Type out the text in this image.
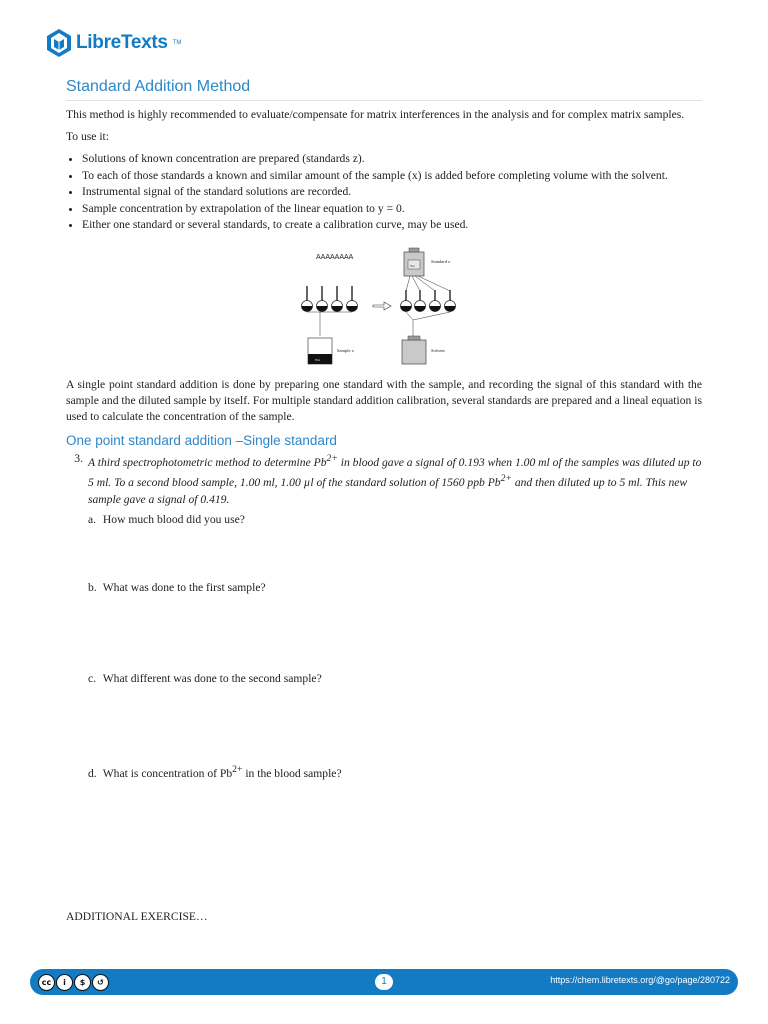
LibreTexts TM
Standard Addition Method

This method is highly recommended to evaluate/compensate for matrix interferences in the analysis and for complex matrix samples.

To use it:

• Solutions of known concentration are prepared (standards z).
• To each of those standards a known and similar amount of the sample (x) is added before completing volume with the solvent.
• Instrumental signal of the standard solutions are recorded.
• Sample concentration by extrapolation of the linear equation to y = 0.
• Either one standard or several standards, to create a calibration curve, may be used.
AAAAAAAA
Wz
Standard z
Wx
Sample x	Solvent

A single point standard addition is done by preparing one standard with the sample, and recording the signal of this standard with the sample and the diluted sample by itself. For multiple standard addition calibration, several standards are prepared and a lineal equation is used to calculate the concentration of the sample.

One point standard addition –Single standard
3. A third spectrophotometric method to determine $Pb^{2+}$ in blood gave a signal of 0.193 when 1.00 ml of the samples was diluted up to 5 ml. To a second blood sample, 1.00 ml, 1.00 µl of the standard solution of 1560 ppb $Pb^{2+}$ and then diluted up to 5 ml. This new sample gave a signal of 0.419.
a. How much blood did you use?
b. What was done to the first sample?
c. What different was done to the second sample?
d. What is concentration of $Pb^{2+}$ in the blood sample?
ADDITIONAL EXERCISE…
cc	i	$	↺	1	https://chem.libretexts.org/@go/page/280722
